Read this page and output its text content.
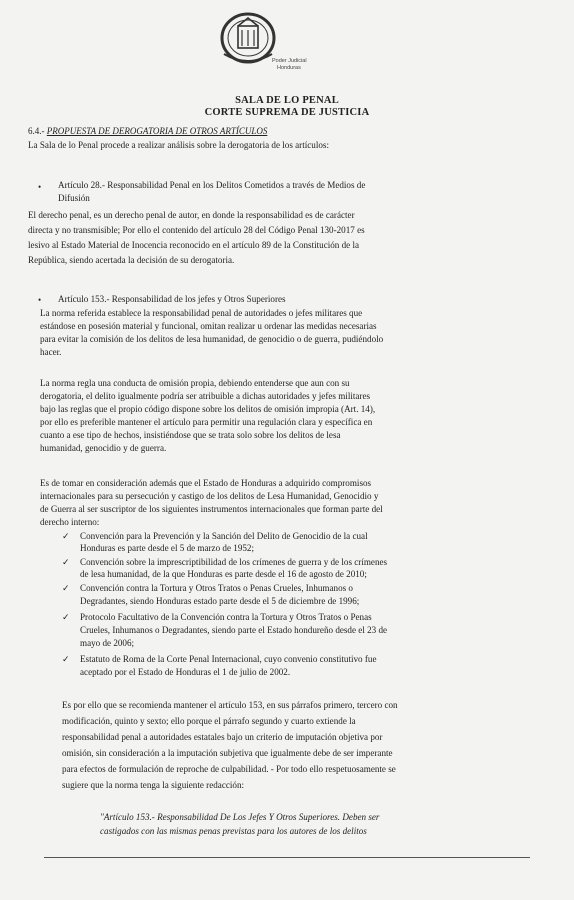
Poder Judicial
Honduras
SALA DE LO PENAL
CORTE SUPREMA DE JUSTICIA
6.4.- PROPUESTA DE DEROGATORIA DE OTROS ARTÍCULOS
La Sala de lo Penal procede a realizar análisis sobre la derogatoria de los artículos:
• Artículo 28.- Responsabilidad Penal en los Delitos Cometidos a través de Medios de
Difusión
El derecho penal, es un derecho penal de autor, en donde la responsabilidad es de carácter
directa y no transmisible; Por ello el contenido del artículo 28 del Código Penal 130-2017 es
lesivo al Estado Material de Inocencia reconocido en el artículo 89 de la Constitución de la
República, siendo acertada la decisión de su derogatoria.
• Artículo 153.- Responsabilidad de los jefes y Otros Superiores
La norma referida establece la responsabilidad penal de autoridades o jefes militares que
estándose en posesión material y funcional, omitan realizar u ordenar las medidas necesarias
para evitar la comisión de los delitos de lesa humanidad, de genocidio o de guerra, pudiéndolo
hacer.
La norma regla una conducta de omisión propia, debiendo entenderse que aun con su
derogatoria, el delito igualmente podría ser atribuible a dichas autoridades y jefes militares
bajo las reglas que el propio código dispone sobre los delitos de omisión impropia (Art. 14),
por ello es preferible mantener el artículo para permitir una regulación clara y específica en
cuanto a ese tipo de hechos, insistiéndose que se trata solo sobre los delitos de lesa
humanidad, genocidio y de guerra.
Es de tomar en consideración además que el Estado de Honduras a adquirido compromisos
internacionales para su persecución y castigo de los delitos de Lesa Humanidad, Genocidio y
de Guerra al ser suscriptor de los siguientes instrumentos internacionales que forman parte del
derecho interno:
✓ Convención para la Prevención y la Sanción del Delito de Genocidio de la cual
Honduras es parte desde el 5 de marzo de 1952;
✓ Convención sobre la imprescriptibilidad de los crímenes de guerra y de los crímenes
de lesa humanidad, de la que Honduras es parte desde el 16 de agosto de 2010;
✓ Convención contra la Tortura y Otros Tratos o Penas Crueles, Inhumanos o
Degradantes, siendo Honduras estado parte desde el 5 de diciembre de 1996;
✓ Protocolo Facultativo de la Convención contra la Tortura y Otros Tratos o Penas
Crueles, Inhumanos o Degradantes, siendo parte el Estado hondureño desde el 23 de
mayo de 2006;
✓ Estatuto de Roma de la Corte Penal Internacional, cuyo convenio constitutivo fue
aceptado por el Estado de Honduras el 1 de julio de 2002.
Es por ello que se recomienda mantener el artículo 153, en sus párrafos primero, tercero con
modificación, quinto y sexto; ello porque el párrafo segundo y cuarto extiende la
responsabilidad penal a autoridades estatales bajo un criterio de imputación objetiva por
omisión, sin consideración a la imputación subjetiva que igualmente debe de ser imperante
para efectos de formulación de reproche de culpabilidad. - Por todo ello respetuosamente se
sugiere que la norma tenga la siguiente redacción:
"Artículo 153.- Responsabilidad De Los Jefes Y Otros Superiores. Deben ser
castigados con las mismas penas previstas para los autores de los delitos
